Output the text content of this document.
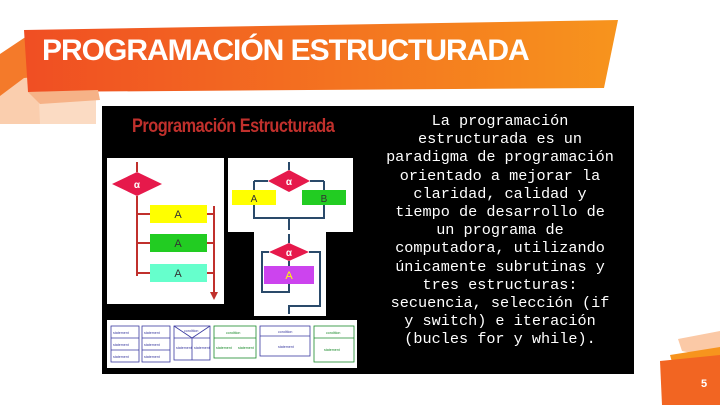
PROGRAMACIÓN ESTRUCTURADA
Programación Estructurada
α
A
A
A
α
A	B
α
A
statement
statement
statement
statement
statement
statement
condition
statement statement
condition
statement statement
condition
statement
condition
statement
La programación
estructurada es un
paradigma de programación
orientado a mejorar la
claridad, calidad y
tiempo de desarrollo de
un programa de
computadora, utilizando
únicamente subrutinas y
tres estructuras:
secuencia, selección (if
y switch) e iteración
(bucles for y while).
5
